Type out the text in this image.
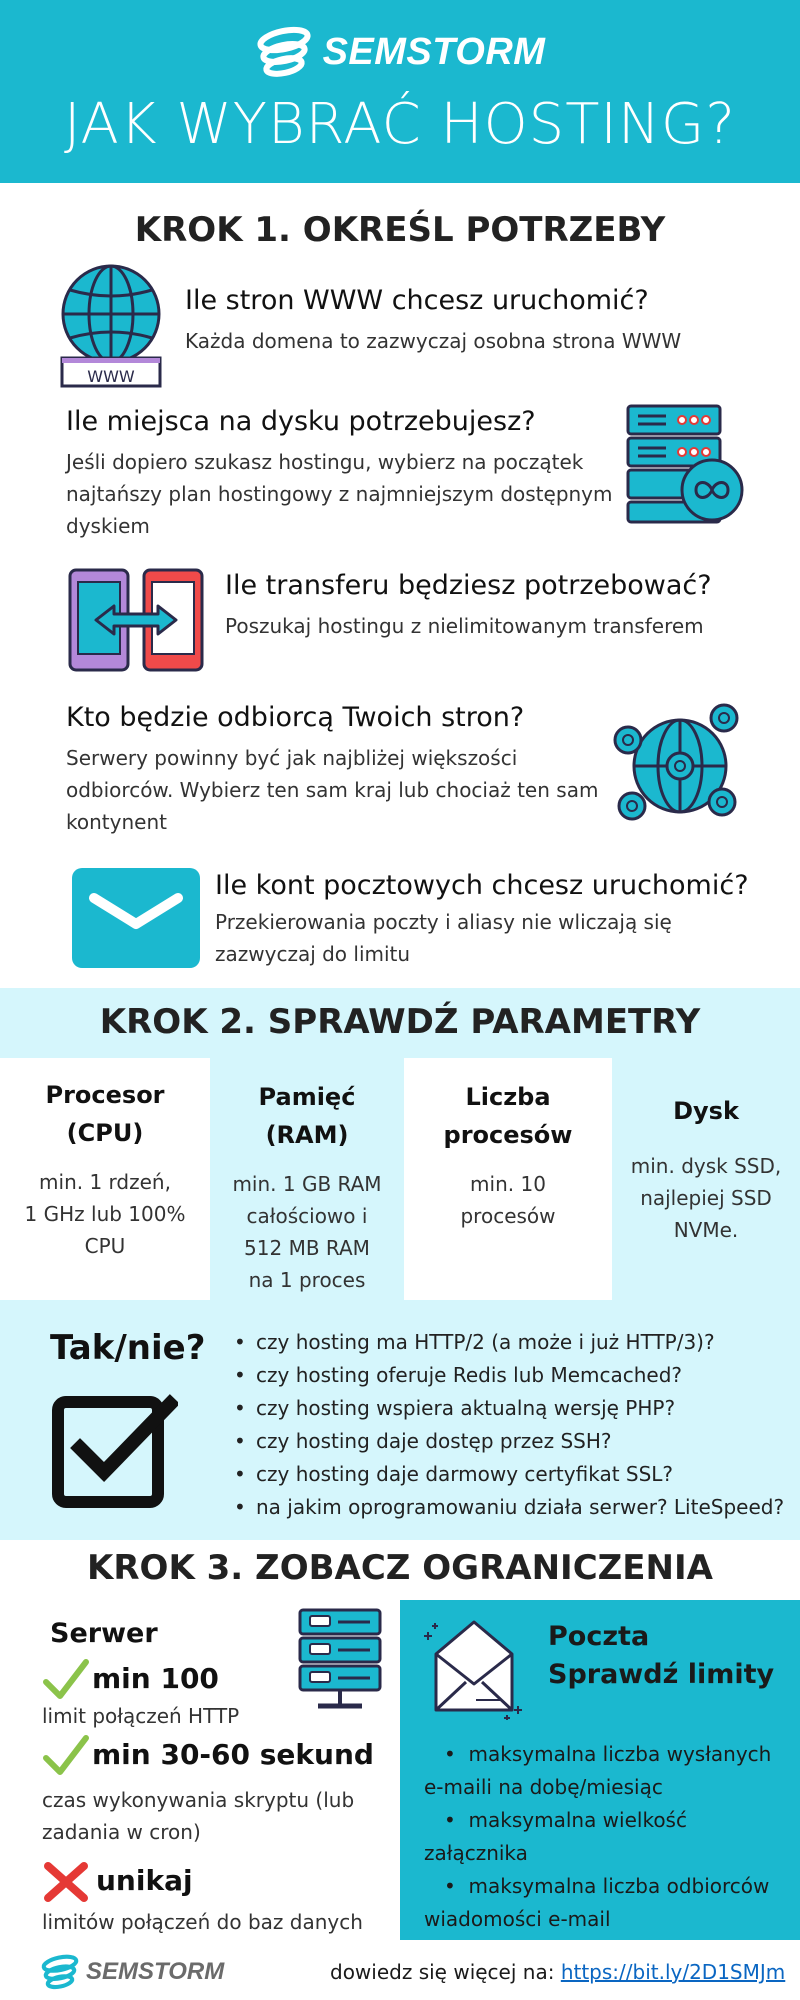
SEMSTORM
JAK WYBRAĆ HOSTING?
KROK 1. OKREŚL POTRZEBY
WWW
Ile stron WWW chcesz uruchomić?
Każda domena to zazwyczaj osobna strona WWW
Ile miejsca na dysku potrzebujesz?
Jeśli dopiero szukasz hostingu, wybierz na początek
najtańszy plan hostingowy z najmniejszym dostępnym
dyskiem
Ile transferu będziesz potrzebować?
Poszukaj hostingu z nielimitowanym transferem
Kto będzie odbiorcą Twoich stron?
Serwery powinny być jak najbliżej większości
odbiorców. Wybierz ten sam kraj lub chociaż ten sam
kontynent
Ile kont pocztowych chcesz uruchomić?
Przekierowania poczty i aliasy nie wliczają się
zazwyczaj do limitu
KROK 2. SPRAWDŹ PARAMETRY
Procesor
(CPU)
min. 1 rdzeń,
1 GHz lub 100%
CPU
Pamięć
(RAM)
min. 1 GB RAM
całościowo i
512 MB RAM
na 1 proces
Liczba
procesów
min. 10
procesów
Dysk
min. dysk SSD,
najlepiej SSD
NVMe.
Tak/nie?
•	czy hosting ma HTTP/2 (a może i już HTTP/3)?
• czy hosting oferuje Redis lub Memcached?
• czy hosting wspiera aktualną wersję PHP?
• czy hosting daje dostęp przez SSH?
• czy hosting daje darmowy certyfikat SSL?
• na jakim oprogramowaniu działa serwer? LiteSpeed?
KROK 3. ZOBACZ OGRANICZENIA
Serwer
min 100
limit połączeń HTTP
min 30-60 sekund
czas wykonywania skryptu (lub
zadania w cron)
unikaj
limitów połączeń do baz danych
Poczta
Sprawdź limity
•  maksymalna liczba wysłanych
e-maili na dobę/miesiąc
•  maksymalna wielkość
załącznika
•  maksymalna liczba odbiorców
wiadomości e-mail
SEMSTORM	dowiedz się więcej na: https://bit.ly/2D1SMJm
